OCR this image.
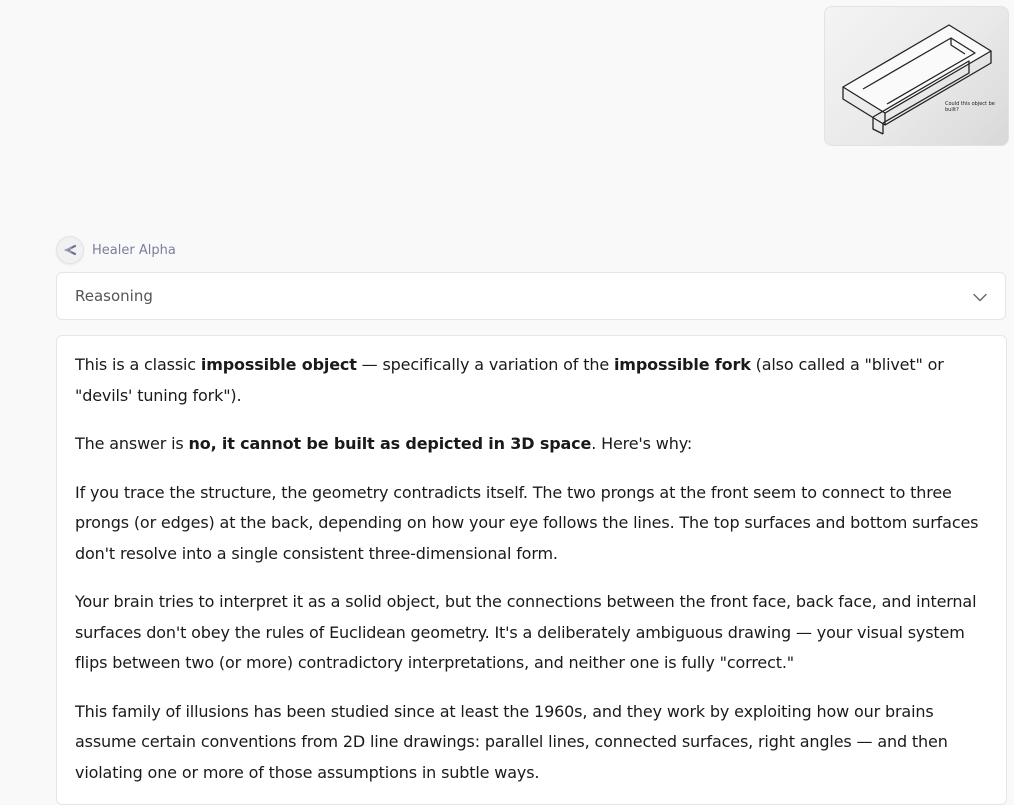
Could this object be built?
Healer Alpha
Reasoning

This is a classic impossible object — specifically a variation of the impossible fork (also called a "blivet" or "devils' tuning fork").

The answer is no, it cannot be built as depicted in 3D space. Here's why:

If you trace the structure, the geometry contradicts itself. The two prongs at the front seem to connect to three prongs (or edges) at the back, depending on how your eye follows the lines. The top surfaces and bottom surfaces don't resolve into a single consistent three-dimensional form.

Your brain tries to interpret it as a solid object, but the connections between the front face, back face, and internal surfaces don't obey the rules of Euclidean geometry. It's a deliberately ambiguous drawing — your visual system flips between two (or more) contradictory interpretations, and neither one is fully "correct."

This family of illusions has been studied since at least the 1960s, and they work by exploiting how our brains assume certain conventions from 2D line drawings: parallel lines, connected surfaces, right angles — and then violating one or more of those assumptions in subtle ways.
